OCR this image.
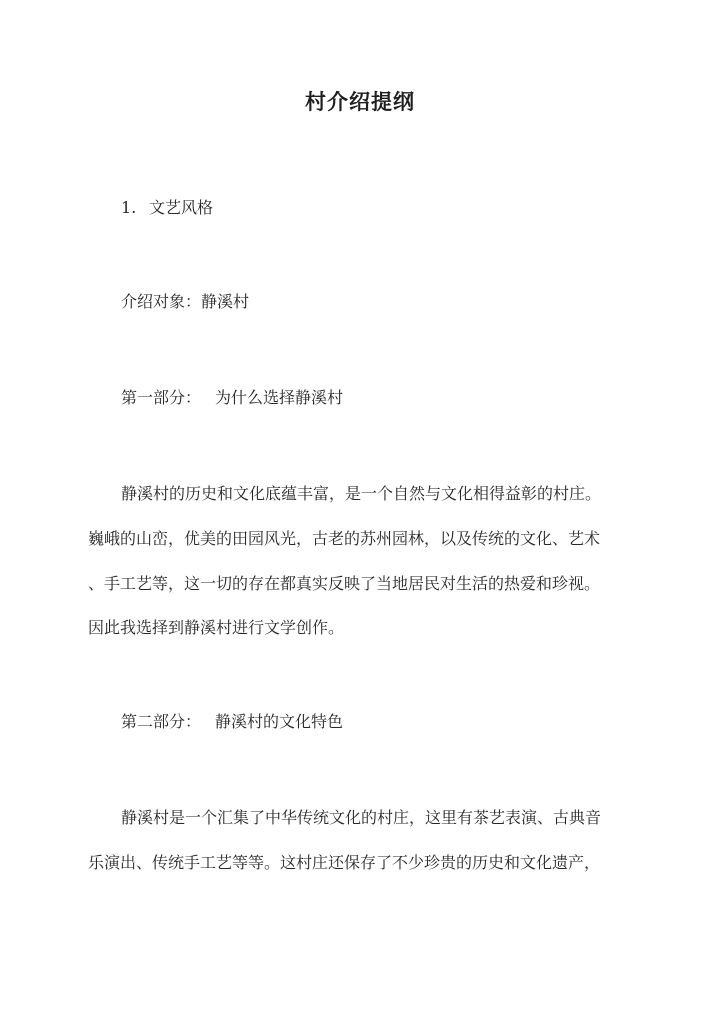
村介绍提纲
1. 文艺风格
介绍对象：静溪村
第一部分： 为什么选择静溪村
静溪村的历史和文化底蕴丰富，是一个自然与文化相得益彰的村庄。
巍峨的山峦，优美的田园风光，古老的苏州园林，以及传统的文化、艺术
、手工艺等，这一切的存在都真实反映了当地居民对生活的热爱和珍视。
因此我选择到静溪村进行文学创作。
第二部分： 静溪村的文化特色
静溪村是一个汇集了中华传统文化的村庄，这里有茶艺表演、古典音
乐演出、传统手工艺等等。这村庄还保存了不少珍贵的历史和文化遗产，
